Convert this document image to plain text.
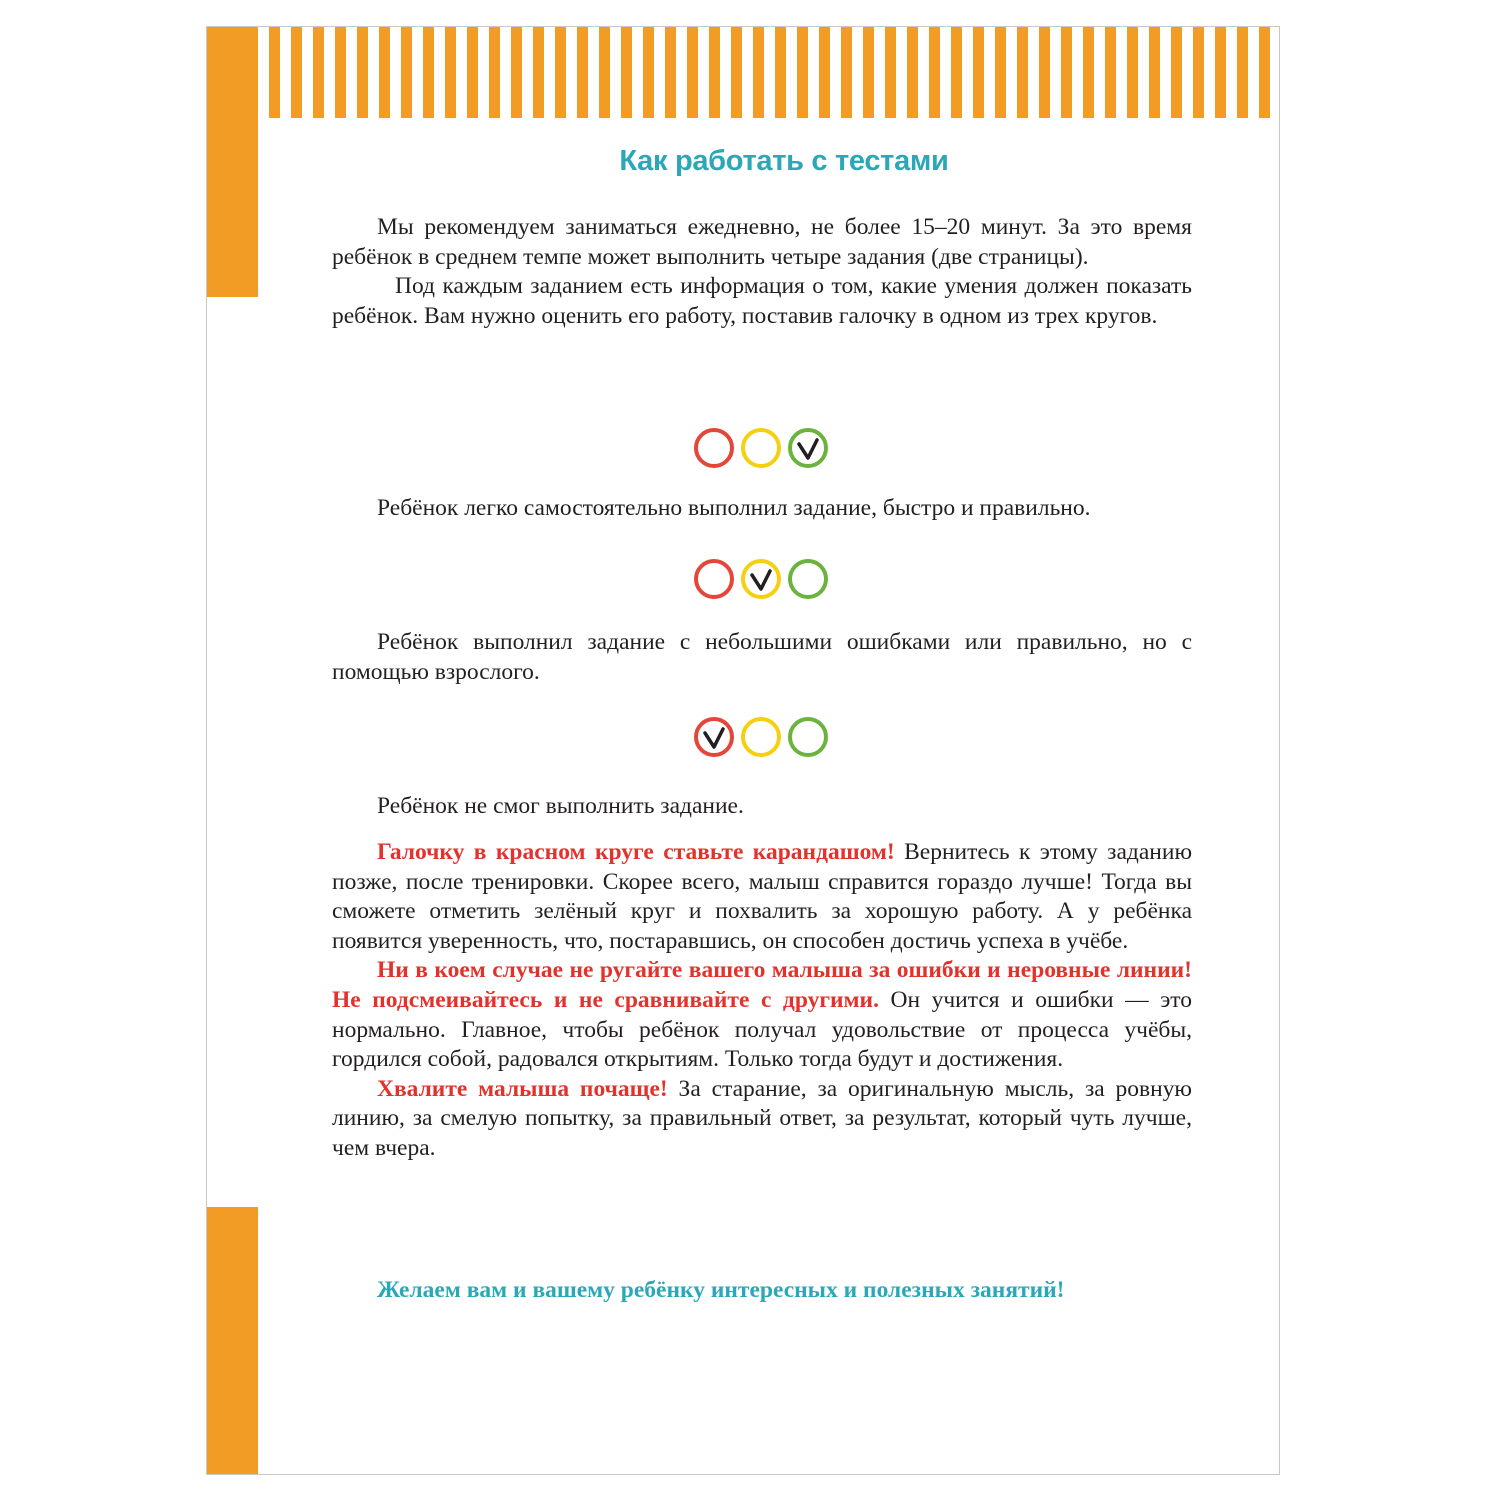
Как работать с тестами

Мы рекомендуем заниматься ежедневно, не более 15–20 минут. За это время ребёнок в среднем темпе может выполнить четыре задания (две страницы).

Под каждым заданием есть информация о том, какие умения должен показать ребёнок. Вам нужно оценить его работу, поставив галочку в одном из трех кругов.

Ребёнок легко самостоятельно выполнил задание, быстро и правильно.

Ребёнок выполнил задание с небольшими ошибками или правильно, но с помощью взрослого.

Ребёнок не смог выполнить задание.

Галочку в красном круге ставьте карандашом! Вернитесь к этому заданию позже, после тренировки. Скорее всего, малыш справится гораздо лучше! Тогда вы сможете отметить зелёный круг и похвалить за хорошую работу. А у ребёнка появится уверенность, что, постаравшись, он способен достичь успеха в учёбе.

Ни в коем случае не ругайте вашего малыша за ошибки и неровные линии! Не подсмеивайтесь и не сравнивайте с другими. Он учится и ошибки — это нормально. Главное, чтобы ребёнок получал удовольствие от процесса учёбы, гордился собой, радовался открытиям. Только тогда будут и достижения.

Хвалите малыша почаще! За старание, за оригинальную мысль, за ровную линию, за смелую попытку, за правильный ответ, за результат, который чуть лучше, чем вчера.

Желаем вам и вашему ребёнку интересных и полезных занятий!
